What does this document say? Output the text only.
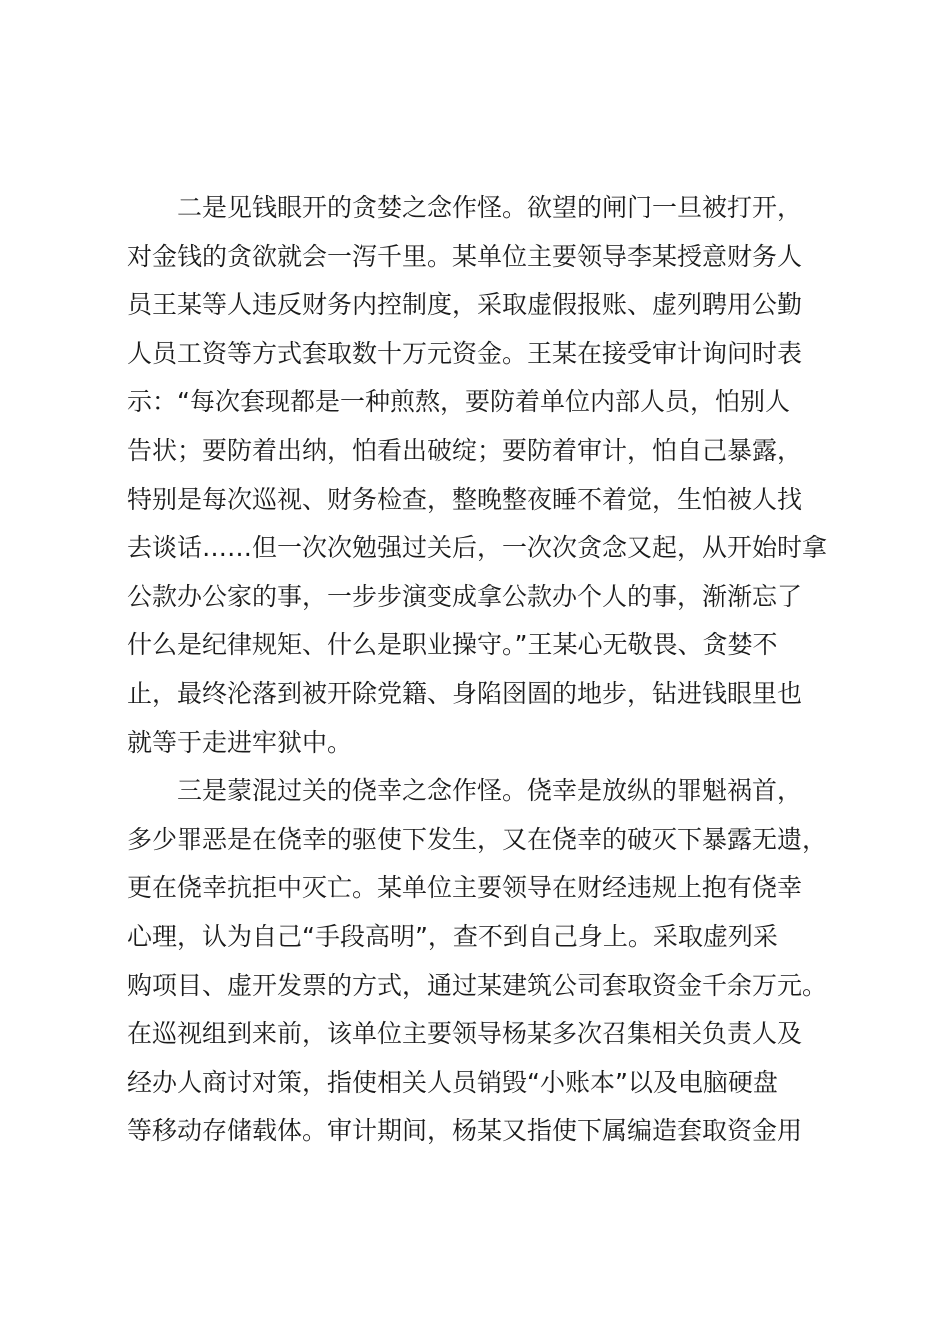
二是见钱眼开的贪婪之念作怪。欲望的闸门一旦被打开，
对金钱的贪欲就会一泻千里。某单位主要领导李某授意财务人
员王某等人违反财务内控制度，采取虚假报账、虚列聘用公勤
人员工资等方式套取数十万元资金。王某在接受审计询问时表
示：“每次套现都是一种煎熬，要防着单位内部人员，怕别人
告状；要防着出纳，怕看出破绽；要防着审计，怕自己暴露，
特别是每次巡视、财务检查，整晚整夜睡不着觉，生怕被人找
去谈话……但一次次勉强过关后，一次次贪念又起，从开始时拿
公款办公家的事，一步步演变成拿公款办个人的事，渐渐忘了
什么是纪律规矩、什么是职业操守。”王某心无敬畏、贪婪不
止，最终沦落到被开除党籍、身陷囹圄的地步，钻进钱眼里也
就等于走进牢狱中。
三是蒙混过关的侥幸之念作怪。侥幸是放纵的罪魁祸首，
多少罪恶是在侥幸的驱使下发生，又在侥幸的破灭下暴露无遗，
更在侥幸抗拒中灭亡。某单位主要领导在财经违规上抱有侥幸
心理，认为自己“手段高明”，查不到自己身上。采取虚列采
购项目、虚开发票的方式，通过某建筑公司套取资金千余万元。
在巡视组到来前，该单位主要领导杨某多次召集相关负责人及
经办人商讨对策，指使相关人员销毁“小账本”以及电脑硬盘
等移动存储载体。审计期间，杨某又指使下属编造套取资金用
